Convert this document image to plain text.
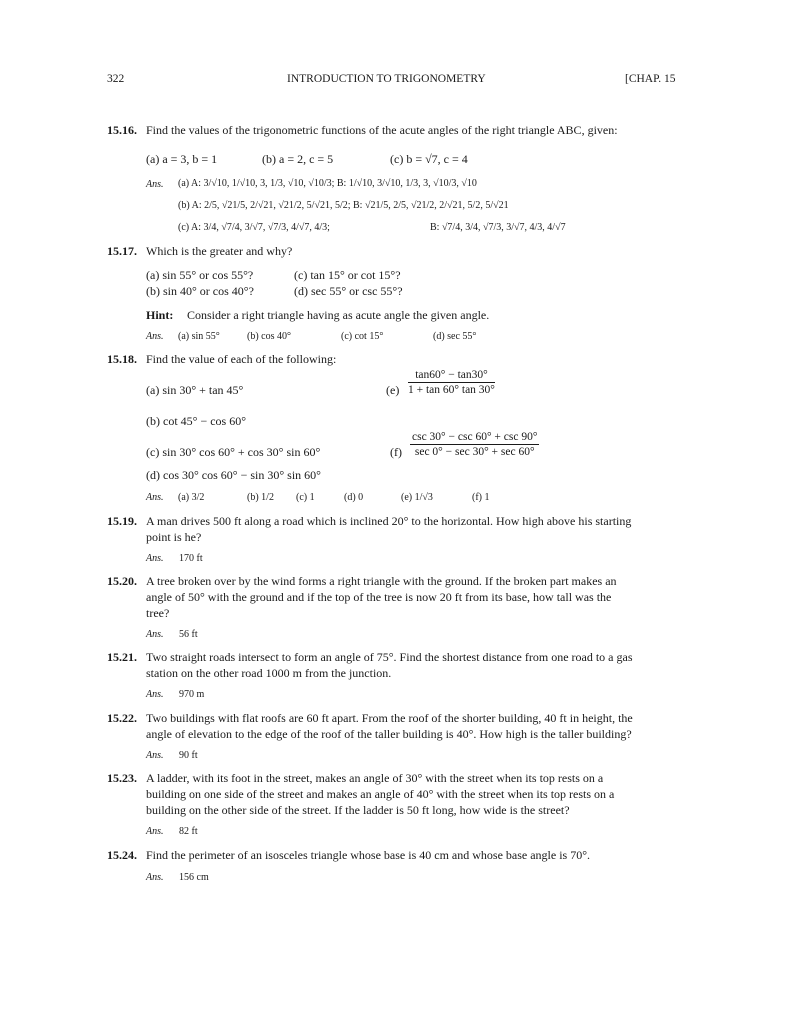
322	INTRODUCTION TO TRIGONOMETRY	[CHAP. 15
15.16. Find the values of the trigonometric functions of the acute angles of the right triangle ABC, given:
(a) a = 3, b = 1	(b) a = 2, c = 5	(c) b = √7, c = 4
Ans. (a) A: 3/√10, 1/√10, 3, 1/3, √10, √10/3; B: 1/√10, 3/√10, 1/3, 3, √10/3, √10
(b) A: 2/5, √21/5, 2/√21, √21/2, 5/√21, 5/2; B: √21/5, 2/5, √21/2, 2/√21, 5/2, 5/√21
(c) A: 3/4, √7/4, 3/√7, √7/3, 4/√7, 4/3;	B: √7/4, 3/4, √7/3, 3/√7, 4/3, 4/√7
15.17. Which is the greater and why?
(a) sin 55° or cos 55°?	(c) tan 15° or cot 15°?
(b) sin 40° or cos 40°?	(d) sec 55° or csc 55°?
Hint: Consider a right triangle having as acute angle the given angle.
Ans. (a) sin 55°	(b) cos 40°	(c) cot 15°	(d) sec 55°
15.18. Find the value of each of the following:
(a) sin 30° + tan 45°	$(e) \frac{\tan 60^\circ - \tan 30^\circ}{1 + \tan 60^\circ \tan 30^\circ}$
(b) cot 45° − cos 60°
(c) sin 30° cos 60° + cos 30° sin 60°	(f)
csc 30° − csc 60° + csc 90°
sec 0° − sec 30° + sec 60°
(d) cos 30° cos 60° − sin 30° sin 60°
Ans. (a) 3/2	(b) 1/2 (c) 1	(d) 0	(e) 1/√3	(f) 1
15.19. A man drives 500 ft along a road which is inclined 20° to the horizontal. How high above his starting
point is he?
Ans. 170 ft
15.20. A tree broken over by the wind forms a right triangle with the ground. If the broken part makes an
angle of 50° with the ground and if the top of the tree is now 20 ft from its base, how tall was the
tree?
Ans. 56 ft
15.21. Two straight roads intersect to form an angle of 75°. Find the shortest distance from one road to a gas
station on the other road 1000 m from the junction.
Ans. 970 m
15.22. Two buildings with flat roofs are 60 ft apart. From the roof of the shorter building, 40 ft in height, the
angle of elevation to the edge of the roof of the taller building is 40°. How high is the taller building?
Ans. 90 ft
15.23. A ladder, with its foot in the street, makes an angle of 30° with the street when its top rests on a
building on one side of the street and makes an angle of 40° with the street when its top rests on a
building on the other side of the street. If the ladder is 50 ft long, how wide is the street?
Ans. 82 ft
15.24. Find the perimeter of an isosceles triangle whose base is 40 cm and whose base angle is 70°.
Ans. 156 cm
